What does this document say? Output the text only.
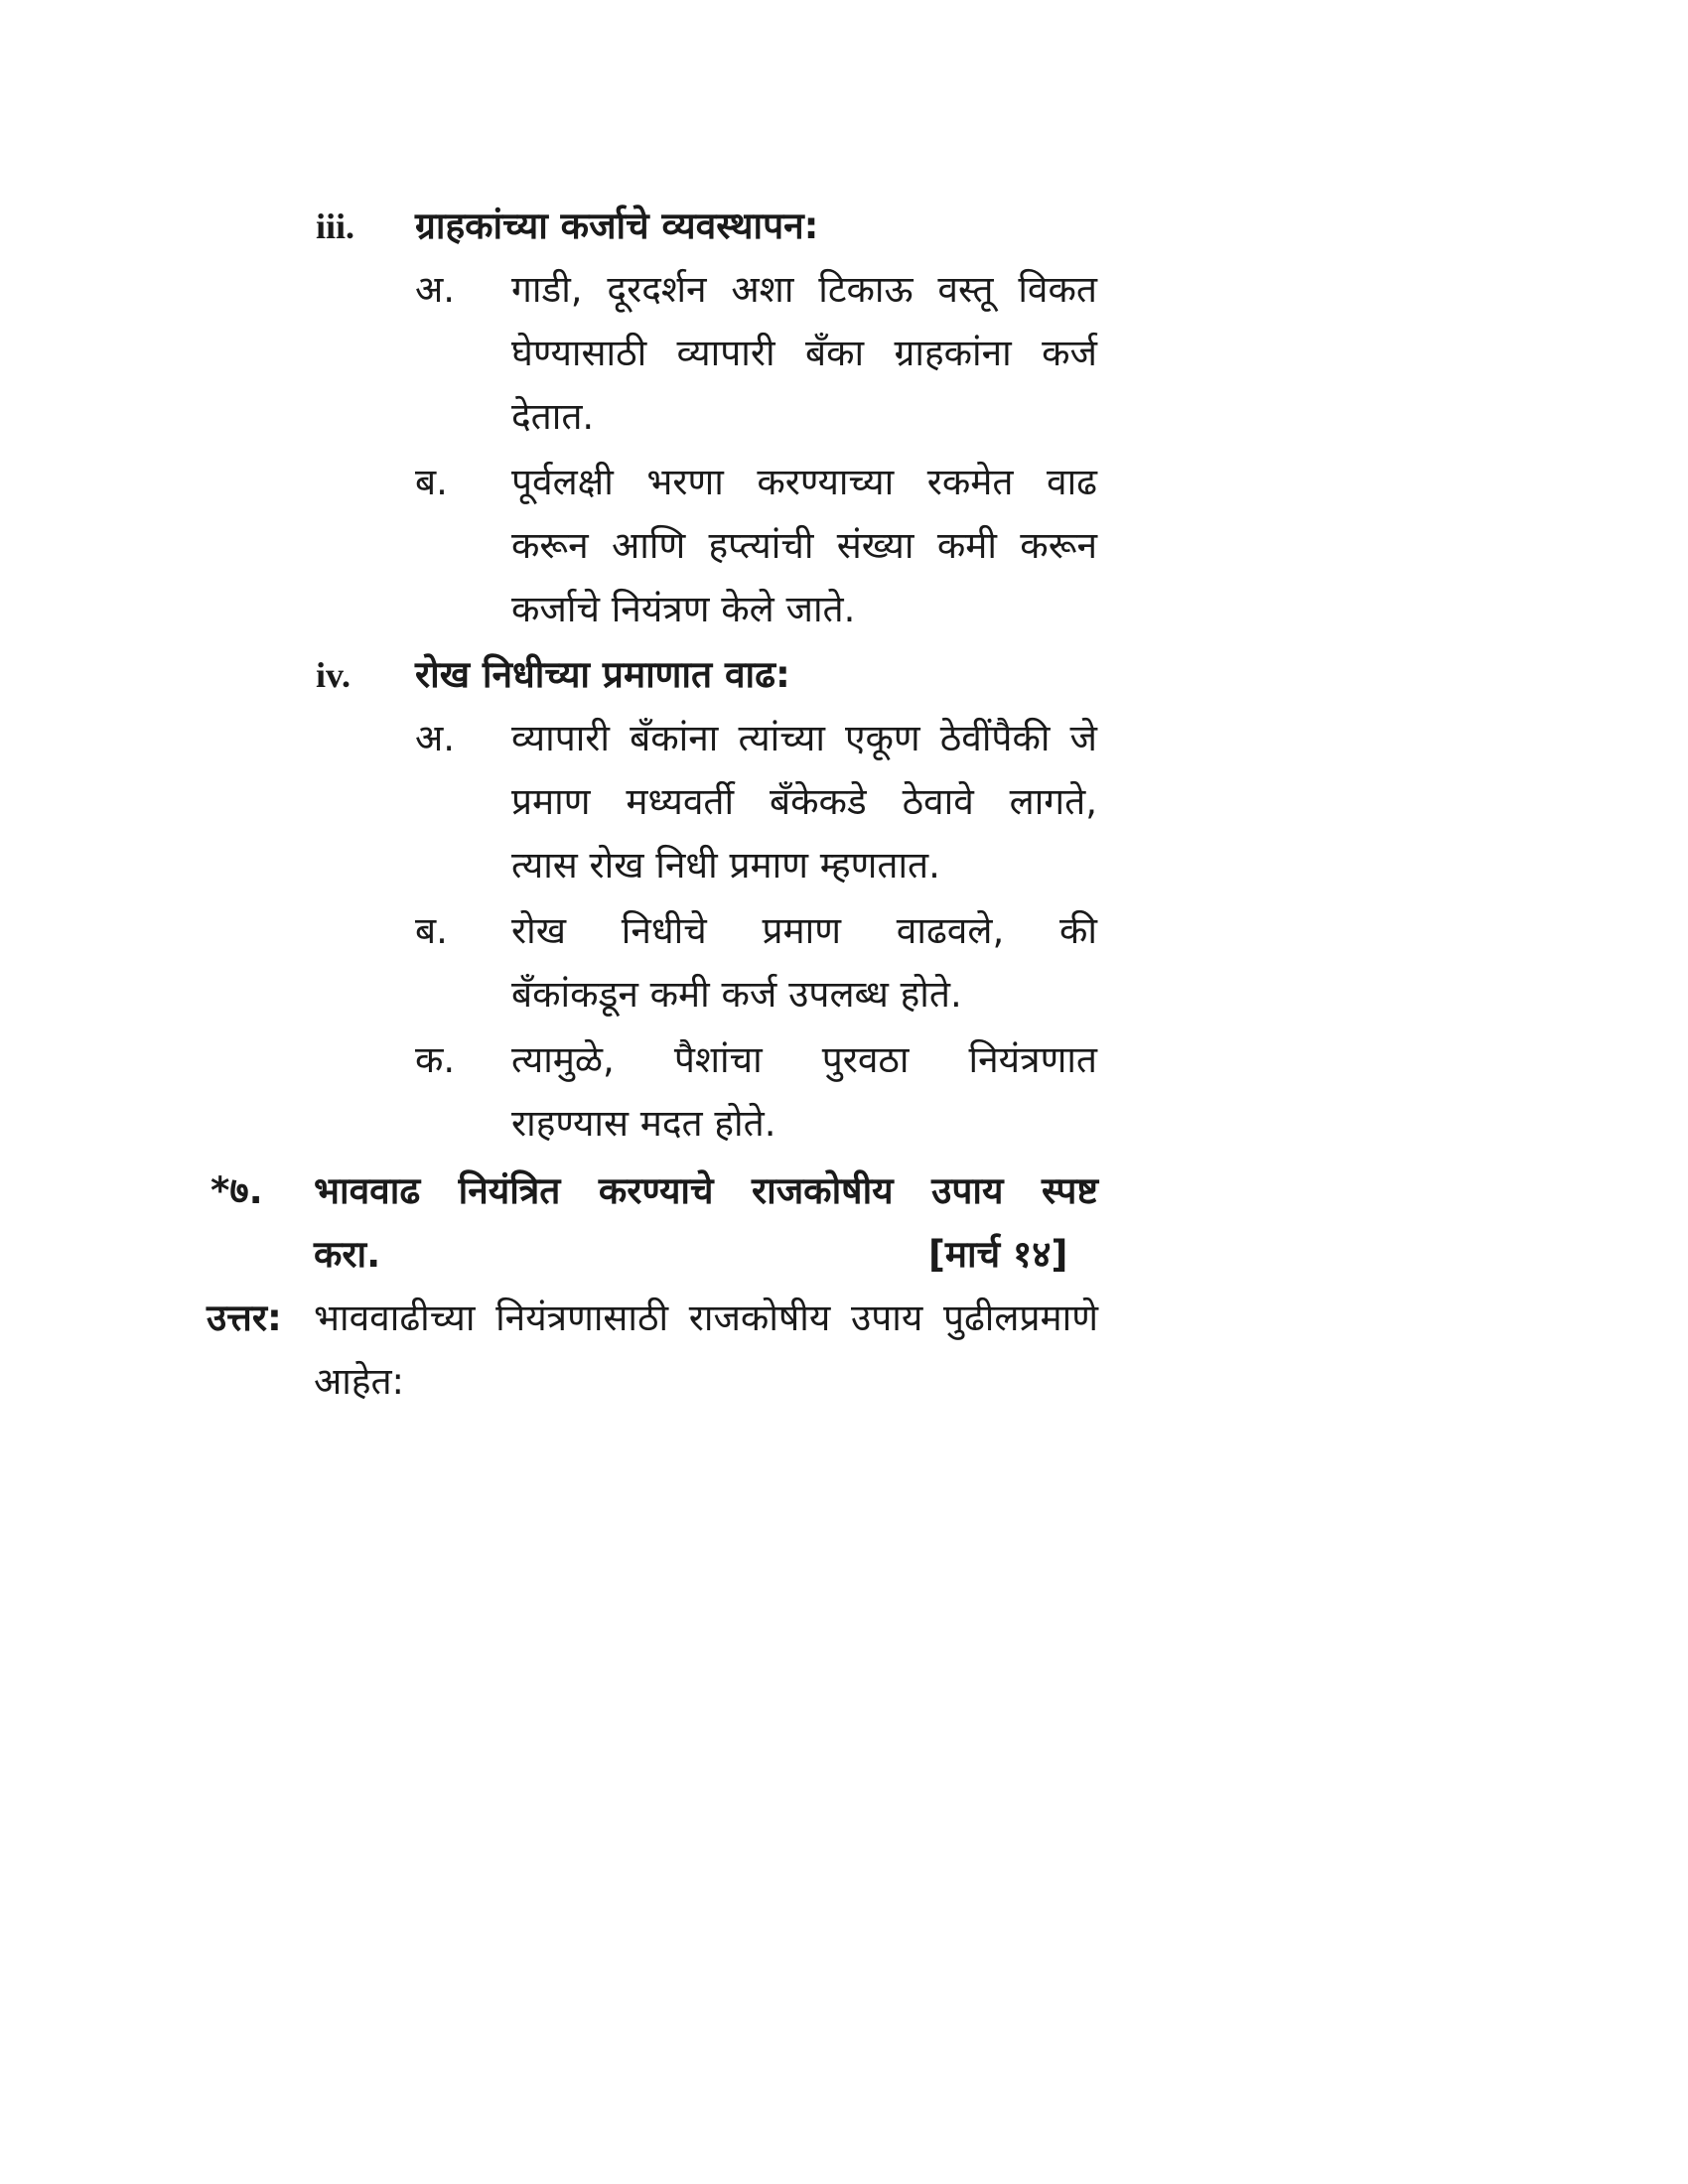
iii. ग्राहकांच्या कर्जाचे व्यवस्थापन:
अ. गाडी, दूरदर्शन अशा टिकाऊ वस्तू विकत
घेण्यासाठी व्यापारी बँका ग्राहकांना कर्ज
देतात.
ब. पूर्वलक्षी भरणा करण्याच्या रकमेत वाढ
करून आणि हप्त्यांची संख्या कमी करून
कर्जाचे नियंत्रण केले जाते.
iv. रोख निधीच्या प्रमाणात वाढ:
अ. व्यापारी बँकांना त्यांच्या एकूण ठेवींपैकी जे
प्रमाण मध्यवर्ती बँकेकडे ठेवावे लागते,
त्यास रोख निधी प्रमाण म्हणतात.
ब. रोख निधीचे प्रमाण वाढवले, की
बँकांकडून कमी कर्ज उपलब्ध होते.
क. त्यामुळे, पैशांचा पुरवठा नियंत्रणात
राहण्यास मदत होते.
*७. भाववाढ नियंत्रित करण्याचे राजकोषीय उपाय स्पष्ट
करा.	[मार्च १४]
उत्तर: भाववाढीच्या नियंत्रणासाठी राजकोषीय उपाय पुढीलप्रमाणे
आहेत:
